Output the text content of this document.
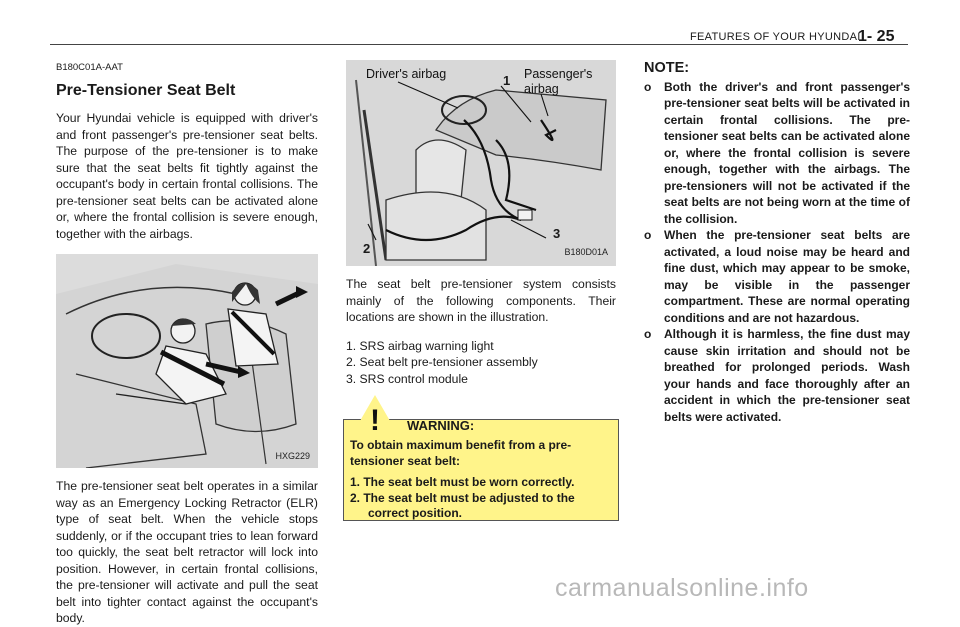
FEATURES OF YOUR HYUNDAI
1- 25
B180C01A-AAT
Pre-Tensioner Seat Belt

Your Hyundai vehicle is equipped with driver's and front passenger's pre-tensioner seat belts. The purpose of the pre-tensioner is to make sure that the seat belts fit tightly against the occupant's body in certain frontal collisions. The pre-tensioner seat belts can be activated alone or, where the frontal collision is severe enough, together with the airbags.

HXG229

The pre-tensioner seat belt operates in a similar way as an Emergency Locking Retractor (ELR) type of seat belt. When the vehicle stops suddenly, or if the occupant tries to lean forward too quickly, the seat belt retractor will lock into position. However, in certain frontal collisions, the pre-tensioner will activate and pull the seat belt into tighter contact against the occupant's body.

Driver's airbag	Passenger's
airbag
1
2
3
B180D01A

The seat belt pre-tensioner system consists mainly of the following components. Their locations are shown in the illustration.

1. SRS airbag warning light
2. Seat belt pre-tensioner assembly
3. SRS control module

To obtain maximum benefit from a pre-tensioner seat belt:

1. The seat belt must be worn correctly.
2. The seat belt must be adjusted to the correct position.
! WARNING:
NOTE:
o Both the driver's and front passenger's pre-tensioner seat belts will be activated in certain frontal collisions. The pre-tensioner seat belts can be activated alone or, where the frontal collision is severe enough, together with the airbags. The pre-tensioners will not be activated if the seat belts are not being worn at the time of the collision.
o When the pre-tensioner seat belts are activated, a loud noise may be heard and fine dust, which may appear to be smoke, may be visible in the passenger compartment. These are normal operating conditions and are not hazardous.
o Although it is harmless, the fine dust may cause skin irritation and should not be breathed for prolonged periods. Wash your hands and face thoroughly after an accident in which the pre-tensioner seat belts were activated.
carmanualsonline.info
